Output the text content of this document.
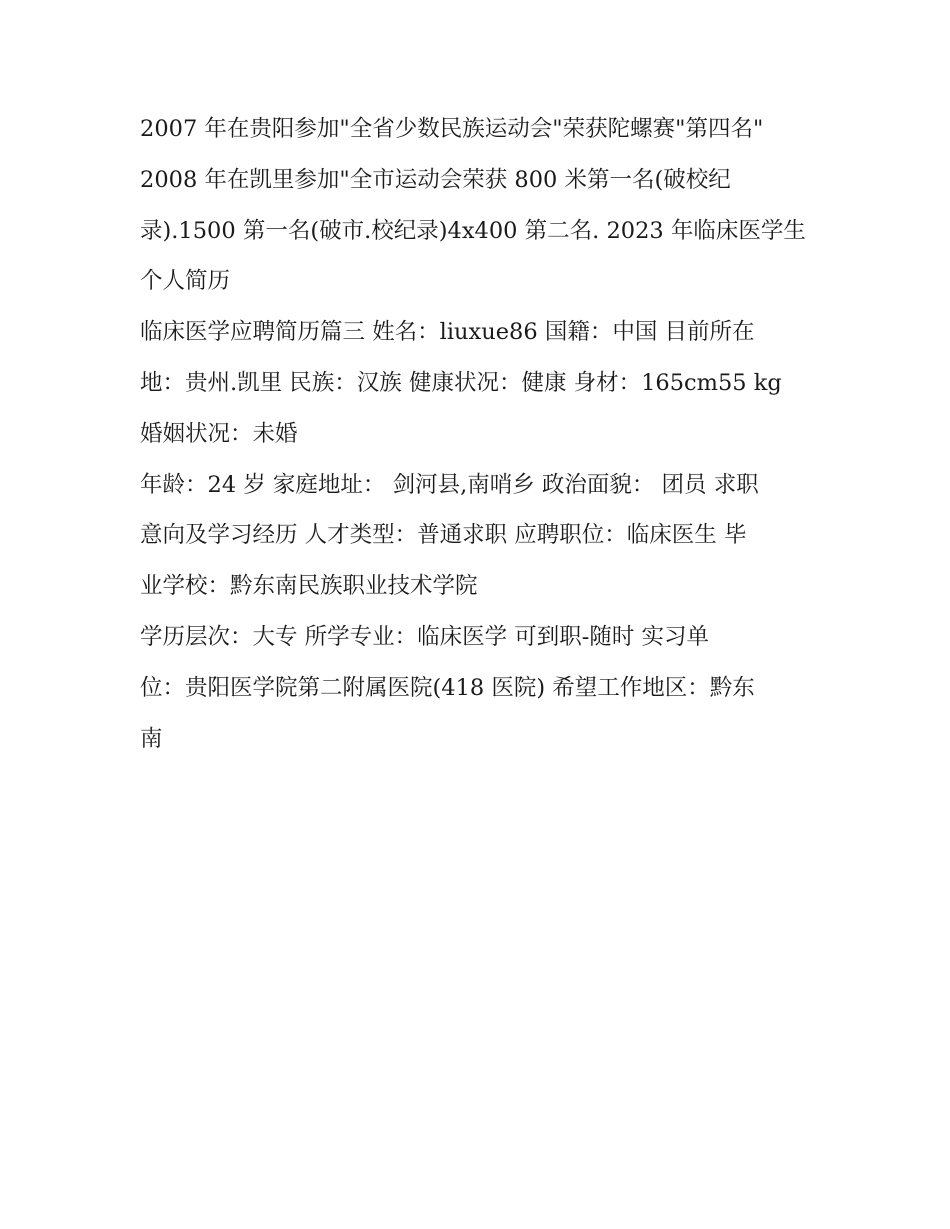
2007 年在贵阳参加"全省少数民族运动会"荣获陀螺赛"第四名"

2008 年在凯里参加"全市运动会荣获 800 米第一名(破校纪
录).1500 第一名(破市.校纪录)4x400 第二名. 2023 年临床医学生
个人简历

临床医学应聘简历篇三 姓名：liuxue86 国籍：中国 目前所在
地：贵州.凯里 民族：汉族 健康状况：健康 身材：165cm55 kg
婚姻状况：未婚

年龄：24 岁 家庭地址： 剑河县,南哨乡 政治面貌： 团员 求职
意向及学习经历 人才类型：普通求职 应聘职位：临床医生 毕
业学校：黔东南民族职业技术学院

学历层次：大专 所学专业：临床医学 可到职-随时 实习单
位：贵阳医学院第二附属医院(418 医院) 希望工作地区：黔东
南
